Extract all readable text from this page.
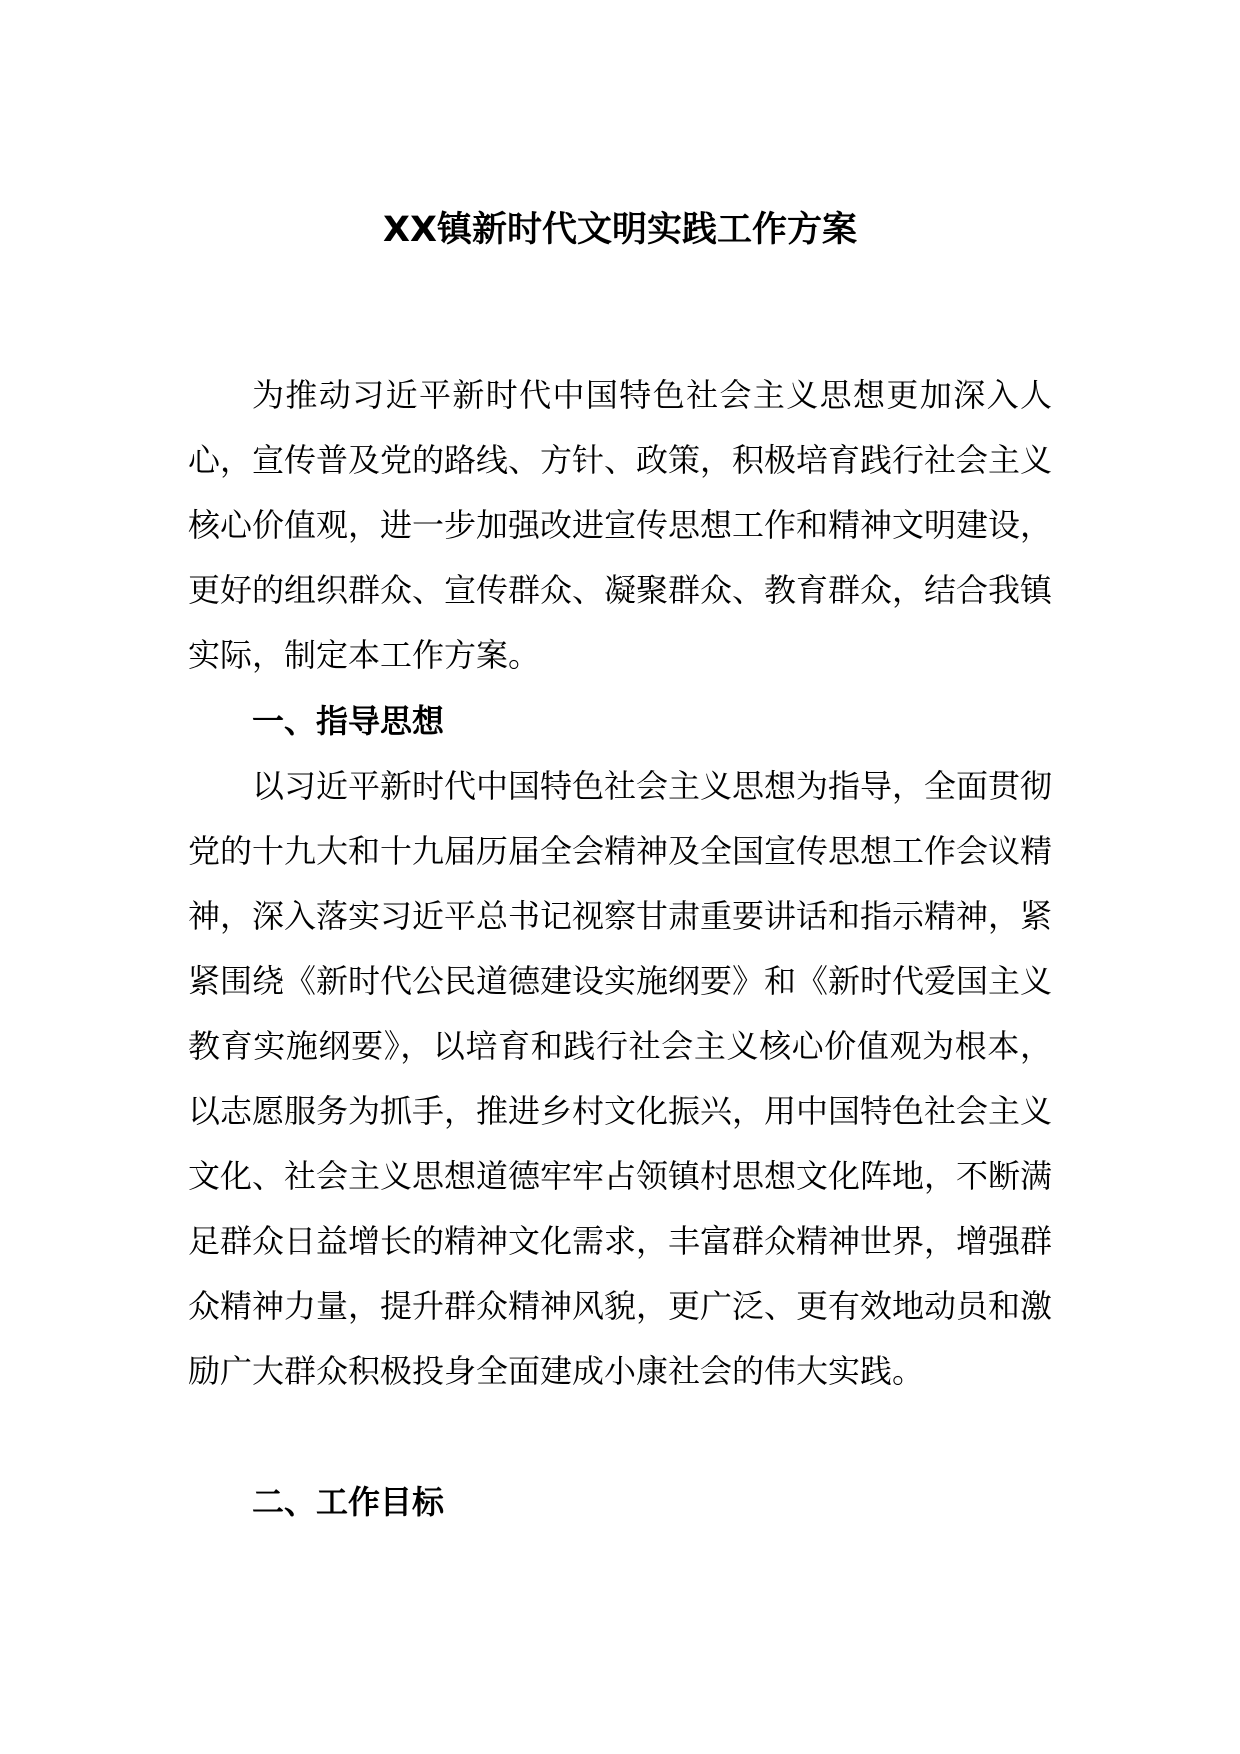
XX镇新时代文明实践工作方案

为推动习近平新时代中国特色社会主义思想更加深入人心，宣传普及党的路线、方针、政策，积极培育践行社会主义核心价值观，进一步加强改进宣传思想工作和精神文明建设，更好的组织群众、宣传群众、凝聚群众、教育群众，结合我镇实际，制定本工作方案。

一、指导思想

以习近平新时代中国特色社会主义思想为指导，全面贯彻党的十九大和十九届历届全会精神及全国宣传思想工作会议精神，深入落实习近平总书记视察甘肃重要讲话和指示精神，紧紧围绕《新时代公民道德建设实施纲要》和《新时代爱国主义教育实施纲要》，以培育和践行社会主义核心价值观为根本，以志愿服务为抓手，推进乡村文化振兴，用中国特色社会主义文化、社会主义思想道德牢牢占领镇村思想文化阵地，不断满足群众日益增长的精神文化需求，丰富群众精神世界，增强群众精神力量，提升群众精神风貌，更广泛、更有效地动员和激励广大群众积极投身全面建成小康社会的伟大实践。

二、工作目标
